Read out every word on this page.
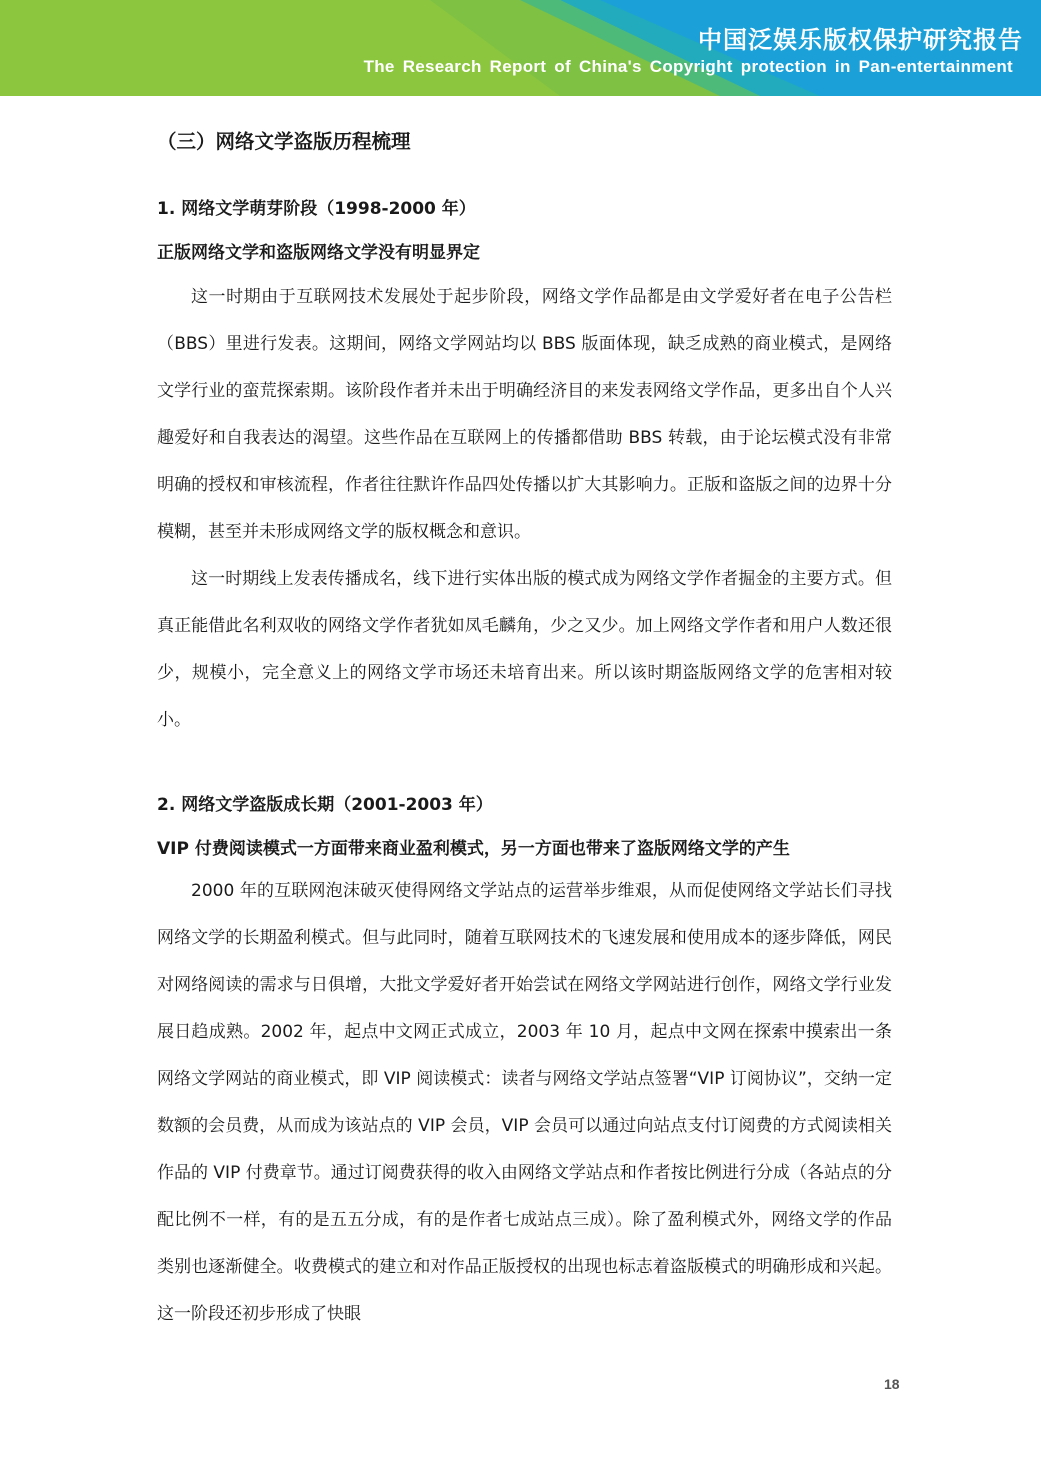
中国泛娱乐版权保护研究报告
The Research Report of China's Copyright protection in Pan-entertainment
（三）网络文学盗版历程梳理
1. 网络文学萌芽阶段（1998-2000 年）
正版网络文学和盗版网络文学没有明显界定

这一时期由于互联网技术发展处于起步阶段，网络文学作品都是由文学爱好者在电子公告栏（BBS）里进行发表。这期间，网络文学网站均以 BBS 版面体现，缺乏成熟的商业模式，是网络文学行业的蛮荒探索期。该阶段作者并未出于明确经济目的来发表网络文学作品，更多出自个人兴趣爱好和自我表达的渴望。这些作品在互联网上的传播都借助 BBS 转载，由于论坛模式没有非常明确的授权和审核流程，作者往往默许作品四处传播以扩大其影响力。正版和盗版之间的边界十分模糊，甚至并未形成网络文学的版权概念和意识。

这一时期线上发表传播成名，线下进行实体出版的模式成为网络文学作者掘金的主要方式。但真正能借此名利双收的网络文学作者犹如凤毛麟角，少之又少。加上网络文学作者和用户人数还很少，规模小，完全意义上的网络文学市场还未培育出来。所以该时期盗版网络文学的危害相对较小。

2. 网络文学盗版成长期（2001-2003 年）
VIP 付费阅读模式一方面带来商业盈利模式，另一方面也带来了盗版网络文学的产生

2000 年的互联网泡沫破灭使得网络文学站点的运营举步维艰，从而促使网络文学站长们寻找网络文学的长期盈利模式。但与此同时，随着互联网技术的飞速发展和使用成本的逐步降低，网民对网络阅读的需求与日俱增，大批文学爱好者开始尝试在网络文学网站进行创作，网络文学行业发展日趋成熟。2002 年，起点中文网正式成立，2003 年 10 月，起点中文网在探索中摸索出一条网络文学网站的商业模式，即 VIP 阅读模式：读者与网络文学站点签署“VIP 订阅协议”，交纳一定数额的会员费，从而成为该站点的 VIP 会员，VIP 会员可以通过向站点支付订阅费的方式阅读相关作品的 VIP 付费章节。通过订阅费获得的收入由网络文学站点和作者按比例进行分成（各站点的分配比例不一样，有的是五五分成，有的是作者七成站点三成）。除了盈利模式外，网络文学的作品类别也逐渐健全。收费模式的建立和对作品正版授权的出现也标志着盗版模式的明确形成和兴起。这一阶段还初步形成了快眼

18
